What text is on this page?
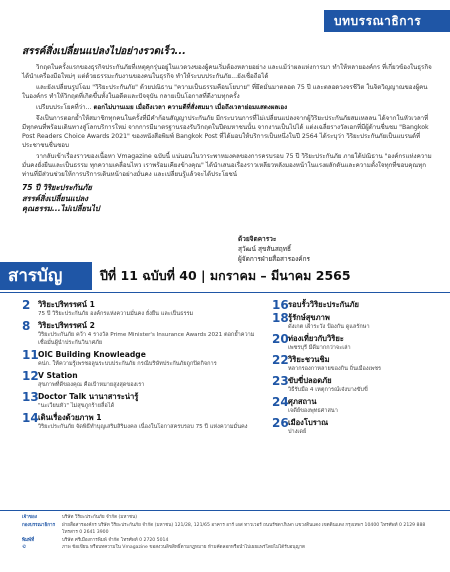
บทบรรณาธิการ
สรรค์สิ่งเปลี่ยนแปลงไปอย่างรวดเร็ว...

วิกฤตในครั้งแรกของธุรกิจประกันภัยที่เหตุคุกรุ่นอยู่ในแวดวงของผู้คนเริ่มต้องหลายอย่าง และแม้ว่าผลแห่งการมา ทำให้หลายองค์กร ที่เกี่ยวข้องในธุรกิจได้นำเครื่องมือใหม่ๆ แต่ด้วยธรรมะกับงานของคนในธุรกิจ ทำให้ระบบประกันภัย...ยังเชื่อถือได้

และยังเปลี่ยนรูปโฉม "วิริยะประกันภัย" ด้วยปณิธาน "ความเป็นธรรมคือนโยบาย" ที่ยึดมั่นมาตลอด 75 ปี และตลอดวงจรชีวิต ในจิตวิญญาณของผู้คนในองค์กร ทำให้วิกฤตที่เกิดขึ้นทั้งในอดีตและปัจจุบัน กลายเป็นโอกาสที่ดีงามทุกครั้ง

เปรียบประโยคที่ว่า... ตอกไม่บานเมย เมื่อถึงเวลา ความดีที่สั่งสมมา เมื่อถึงเวลาย่อมแสดงผลเอง

จึงเป็นการตอกย้ำให้สมาชิกทุกคนในครั้งที่มีคำก้อนสัญญาประกันภัย มีกระบวนการที่ไม่เปลี่ยนแปลงจากผู้วิริยะประกันภัยสมเหลลน ได้จากในหัวเวลาที่มีทุกคนที่พร้อมเดินทางสู่โลกบริการใหม่ จากการมีมาตรฐานรองรับวิกฤตในปีดมหาชนนั้น จากงานเป็นไปได้ แต่งเฉลี่ยรางวัลเอกที่มีผู้ด้านชื่นชม "Bangkok Post Readers Choice Awards 2021" ของหนังสือพิมพ์ Bangkok Post ที่ได้มอบให้บริการเป็นหนึ่งในปี 2564 ได้ระบุว่า วิริยะประกันภัยเป็นแบรนด์ที่ประชาชนชื่นชอบ

วากลับเข้าเรื่องราวของเนื้อหา Vmagazine ฉบับนี้ แน่นอนในวาระพาหมงคลของการครบรอบ 75 ปี วิริยะประกันภัย ภายใต้ปณิธาน "องค์กรแห่งความมั่นคงยั่งยืนและเป็นธรรม ทุกความเคลื่อนไหว เราพร้อมเคียงข้างคุณ" ได้นำเสนอเรื่องราวเหลียวหลังมองหน้าในแรงผลักดันและความตั้งใจทุกที่ขอบคุณทุกท่านที่มีส่วนช่วยให้การบริการเดินหน้าอย่างมั่นคง และเปลี่ยนรู้แล้วจะได้ประโยชน์

75 ปี วิริยะประกันภัย
สรรค์สิ่งเปลี่ยนแปลง
คุณธรรม...ไม่เปลี่ยนไป
ด้วยจิตคารวะ
สุวัฒน์ สุขสันสฤทธิ์
ผู้จัดการฝ่ายสื่อสารองค์กร
สารบัญ	ปีที่ 11 ฉบับที่ 40 | มกราคม – มีนาคม 2565
2 วิริยะปริทรรศน์ 1
75 ปี วิริยะประกันภัย องค์กรแห่งความมั่นคง ยั่งยืน และเป็นธรรม
8 วิริยะปริทรรศน์ 2
วิริยะประกันภัย คว้า 4 รางวัล Prime Minister's Insurance Awards 2021 ตอกย้ำความเชื่อมั่นผู้นำประกันวินาศภัย
11 OIC Building Knowleadge
คปภ. ให้ความรู้เพรชอลูนระบบประกันภัย กรณีบริษัทประกันภัยถูกปิดกิจการ
12 V Station
สุขภาพที่ดีของคุณ คือเป้าหมายสูงสุดของเรา
13 Doctor Talk นานาสาระน่ารู้
"นะเวียนหัว" ไม่สุขภูกร้ายลื่อได้
14 เดินเรื่องด้วยภาพ 1
วิริยะประกันภัย จัดพิธีทำบุญเสริมสิริมงคล เนื่องในโอกาสครบรอบ 75 ปี แห่งความมั่นคง
16 รอบรั้ววิริยะประกันภัย
18 รู้รักษ์สุขภาพ
ดังเกต เฝ้าระวัง ป้องกัน ดูแลรักษา
20 ท่องเที่ยวกับวิริยะ
เพชรบุรี มีดีมากกว่าจะเล่า
22 วิริยะชวนชิม
หลากรองกาหลายของกิน ถิ่นเมืองเพชร
23 ขับขี่ปลอดภัย
วิธีรับมือ 4 เหตุการณ์เจ๋งบางขับขี่
24 ศุภสถาน
เจดีย์ของพุทธศาสนา
26 เมืองโบราณ
ปางเดย์
เจ้าของ	บริษัท วิริยะประกันภัย จำกัด (มหาชน)
กองบรรณาธิการ	ฝ่ายสื่อสารองค์กร บริษัท วิริยะประกันภัย จำกัด (มหาชน) 121/28, 121/65 อาคาร อาร์ เอส ทาวเวอร์ ถนนรัชดาภิเษก แขวงดินแดง เขตดินแดง กรุงเทพฯ 10400 โทรศัพท์ 0 2129 888 โทรสาร 0 2641 3900
พิมพ์ที่	บริษัท ศรีเมืองการพิมพ์ จำกัด โทรศัพท์ 0 2720 5014
©	ภาพ ข้อเขียน หรือบทความใน Vmagazine ขอสงวนลิขสิทธิ์ตามกฎหมาย ห้ามคัดลอกหรือนำไปเผยแพร่โดยไม่ได้รับอนุญาต
